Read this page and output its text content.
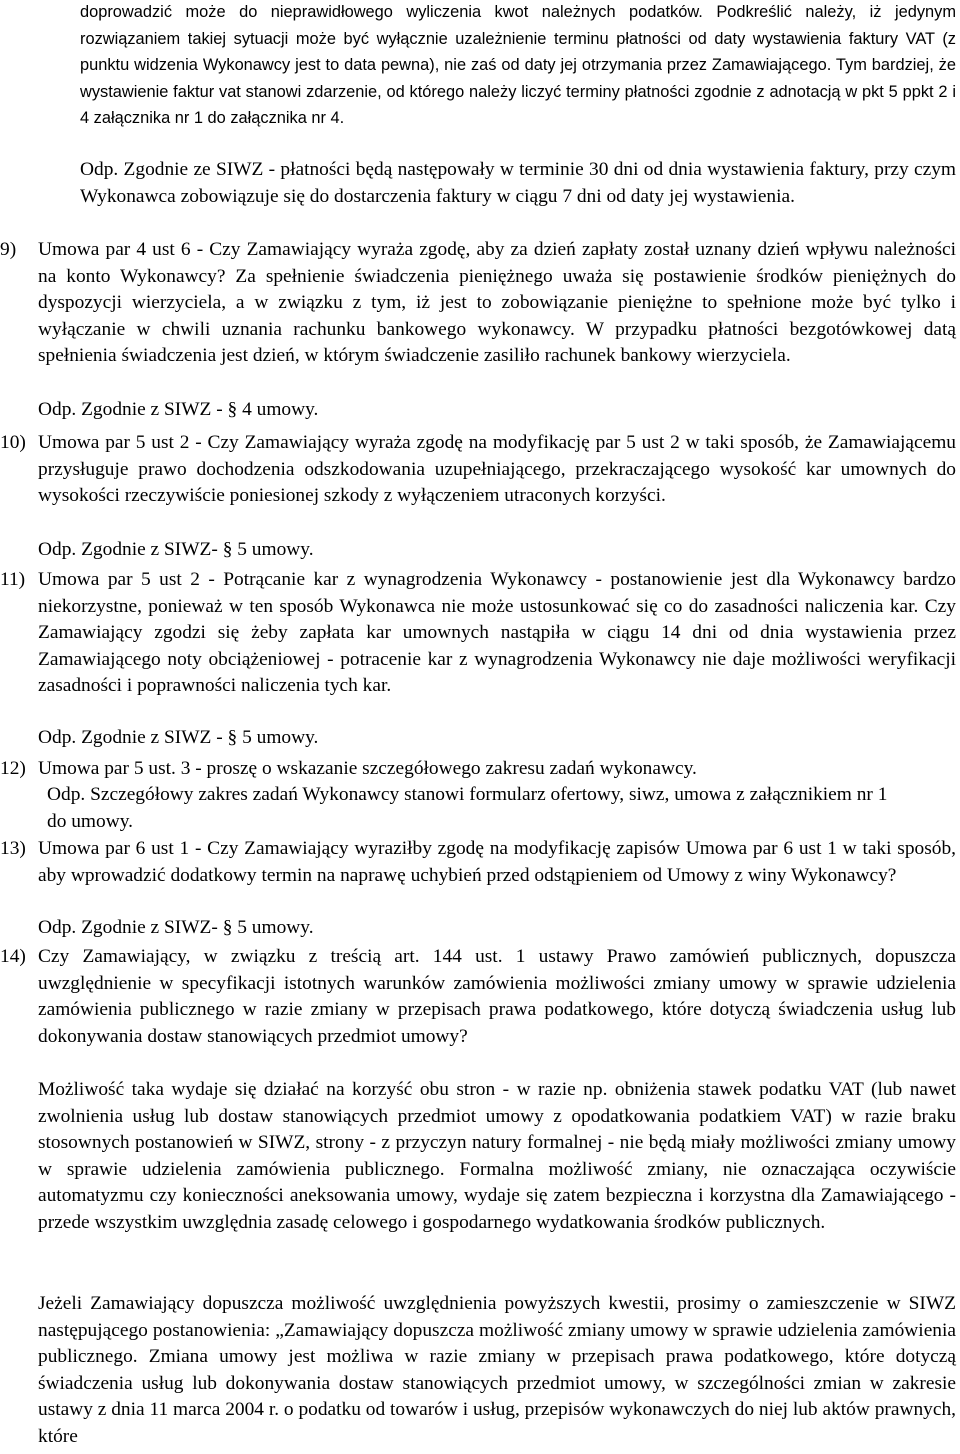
doprowadzić może do nieprawidłowego wyliczenia kwot należnych podatków. Podkreślić należy, iż jedynym rozwiązaniem takiej sytuacji może być wyłącznie uzależnienie terminu płatności od daty wystawienia faktury VAT (z punktu widzenia Wykonawcy jest to data pewna), nie zaś od daty jej otrzymania przez Zamawiającego. Tym bardziej, że wystawienie faktur vat stanowi zdarzenie, od którego należy liczyć terminy płatności zgodnie z adnotacją w pkt 5 ppkt 2 i 4 załącznika nr 1 do załącznika nr 4.

Odp. Zgodnie ze SIWZ - płatności będą następowały w terminie 30 dni od dnia wystawienia faktury, przy czym Wykonawca zobowiązuje się do dostarczenia faktury w ciągu 7 dni od daty jej wystawienia.

9) Umowa par 4 ust 6 - Czy Zamawiający wyraża zgodę, aby za dzień zapłaty został uznany dzień wpływu należności na konto Wykonawcy? Za spełnienie świadczenia pieniężnego uważa się postawienie środków pieniężnych do dyspozycji wierzyciela, a w związku z tym, iż jest to zobowiązanie pieniężne to spełnione może być tylko i wyłączanie w chwili uznania rachunku bankowego wykonawcy. W przypadku płatności bezgotówkowej datą spełnienia świadczenia jest dzień, w którym świadczenie zasiliło rachunek bankowy wierzyciela.

Odp. Zgodnie z SIWZ - § 4 umowy.

10) Umowa par 5 ust 2 - Czy Zamawiający wyraża zgodę na modyfikację par 5 ust 2 w taki sposób, że Zamawiającemu przysługuje prawo dochodzenia odszkodowania uzupełniającego, przekraczającego wysokość kar umownych do wysokości rzeczywiście poniesionej szkody z wyłączeniem utraconych korzyści.

Odp. Zgodnie z SIWZ- § 5 umowy.

11) Umowa par 5 ust 2 - Potrącanie kar z wynagrodzenia Wykonawcy - postanowienie jest dla Wykonawcy bardzo niekorzystne, ponieważ w ten sposób Wykonawca nie może ustosunkować się co do zasadności naliczenia kar. Czy Zamawiający zgodzi się żeby zapłata kar umownych nastąpiła w ciągu 14 dni od dnia wystawienia przez Zamawiającego noty obciążeniowej - potracenie kar z wynagrodzenia Wykonawcy nie daje możliwości weryfikacji zasadności i poprawności naliczenia tych kar.

Odp. Zgodnie z SIWZ - § 5 umowy.

12) Umowa par 5 ust. 3 - proszę o wskazanie szczegółowego zakresu zadań wykonawcy.

Odp. Szczegółowy zakres zadań Wykonawcy stanowi formularz ofertowy, siwz, umowa z załącznikiem nr 1 do umowy.

13) Umowa par 6 ust 1 - Czy Zamawiający wyraziłby zgodę na modyfikację zapisów Umowa par 6 ust 1 w taki sposób, aby wprowadzić dodatkowy termin na naprawę uchybień przed odstąpieniem od Umowy z winy Wykonawcy?

Odp. Zgodnie z SIWZ- § 5 umowy.

14) Czy Zamawiający, w związku z treścią art. 144 ust. 1 ustawy Prawo zamówień publicznych, dopuszcza uwzględnienie w specyfikacji istotnych warunków zamówienia możliwości zmiany umowy w sprawie udzielenia zamówienia publicznego w razie zmiany w przepisach prawa podatkowego, które dotyczą świadczenia usług lub dokonywania dostaw stanowiących przedmiot umowy?

Możliwość taka wydaje się działać na korzyść obu stron - w razie np. obniżenia stawek podatku VAT (lub nawet zwolnienia usług lub dostaw stanowiących przedmiot umowy z opodatkowania podatkiem VAT) w razie braku stosownych postanowień w SIWZ, strony - z przyczyn natury formalnej - nie będą miały możliwości zmiany umowy w sprawie udzielenia zamówienia publicznego. Formalna możliwość zmiany, nie oznaczająca oczywiście automatyzmu czy konieczności aneksowania umowy, wydaje się zatem bezpieczna i korzystna dla Zamawiającego - przede wszystkim uwzględnia zasadę celowego i gospodarnego wydatkowania środków publicznych.

Jeżeli Zamawiający dopuszcza możliwość uwzględnienia powyższych kwestii, prosimy o zamieszczenie w SIWZ następującego postanowienia: „Zamawiający dopuszcza możliwość zmiany umowy w sprawie udzielenia zamówienia publicznego. Zmiana umowy jest możliwa w razie zmiany w przepisach prawa podatkowego, które dotyczą świadczenia usług lub dokonywania dostaw stanowiących przedmiot umowy, w szczególności zmian w zakresie ustawy z dnia 11 marca 2004 r. o podatku od towarów i usług, przepisów wykonawczych do niej lub aktów prawnych, które
